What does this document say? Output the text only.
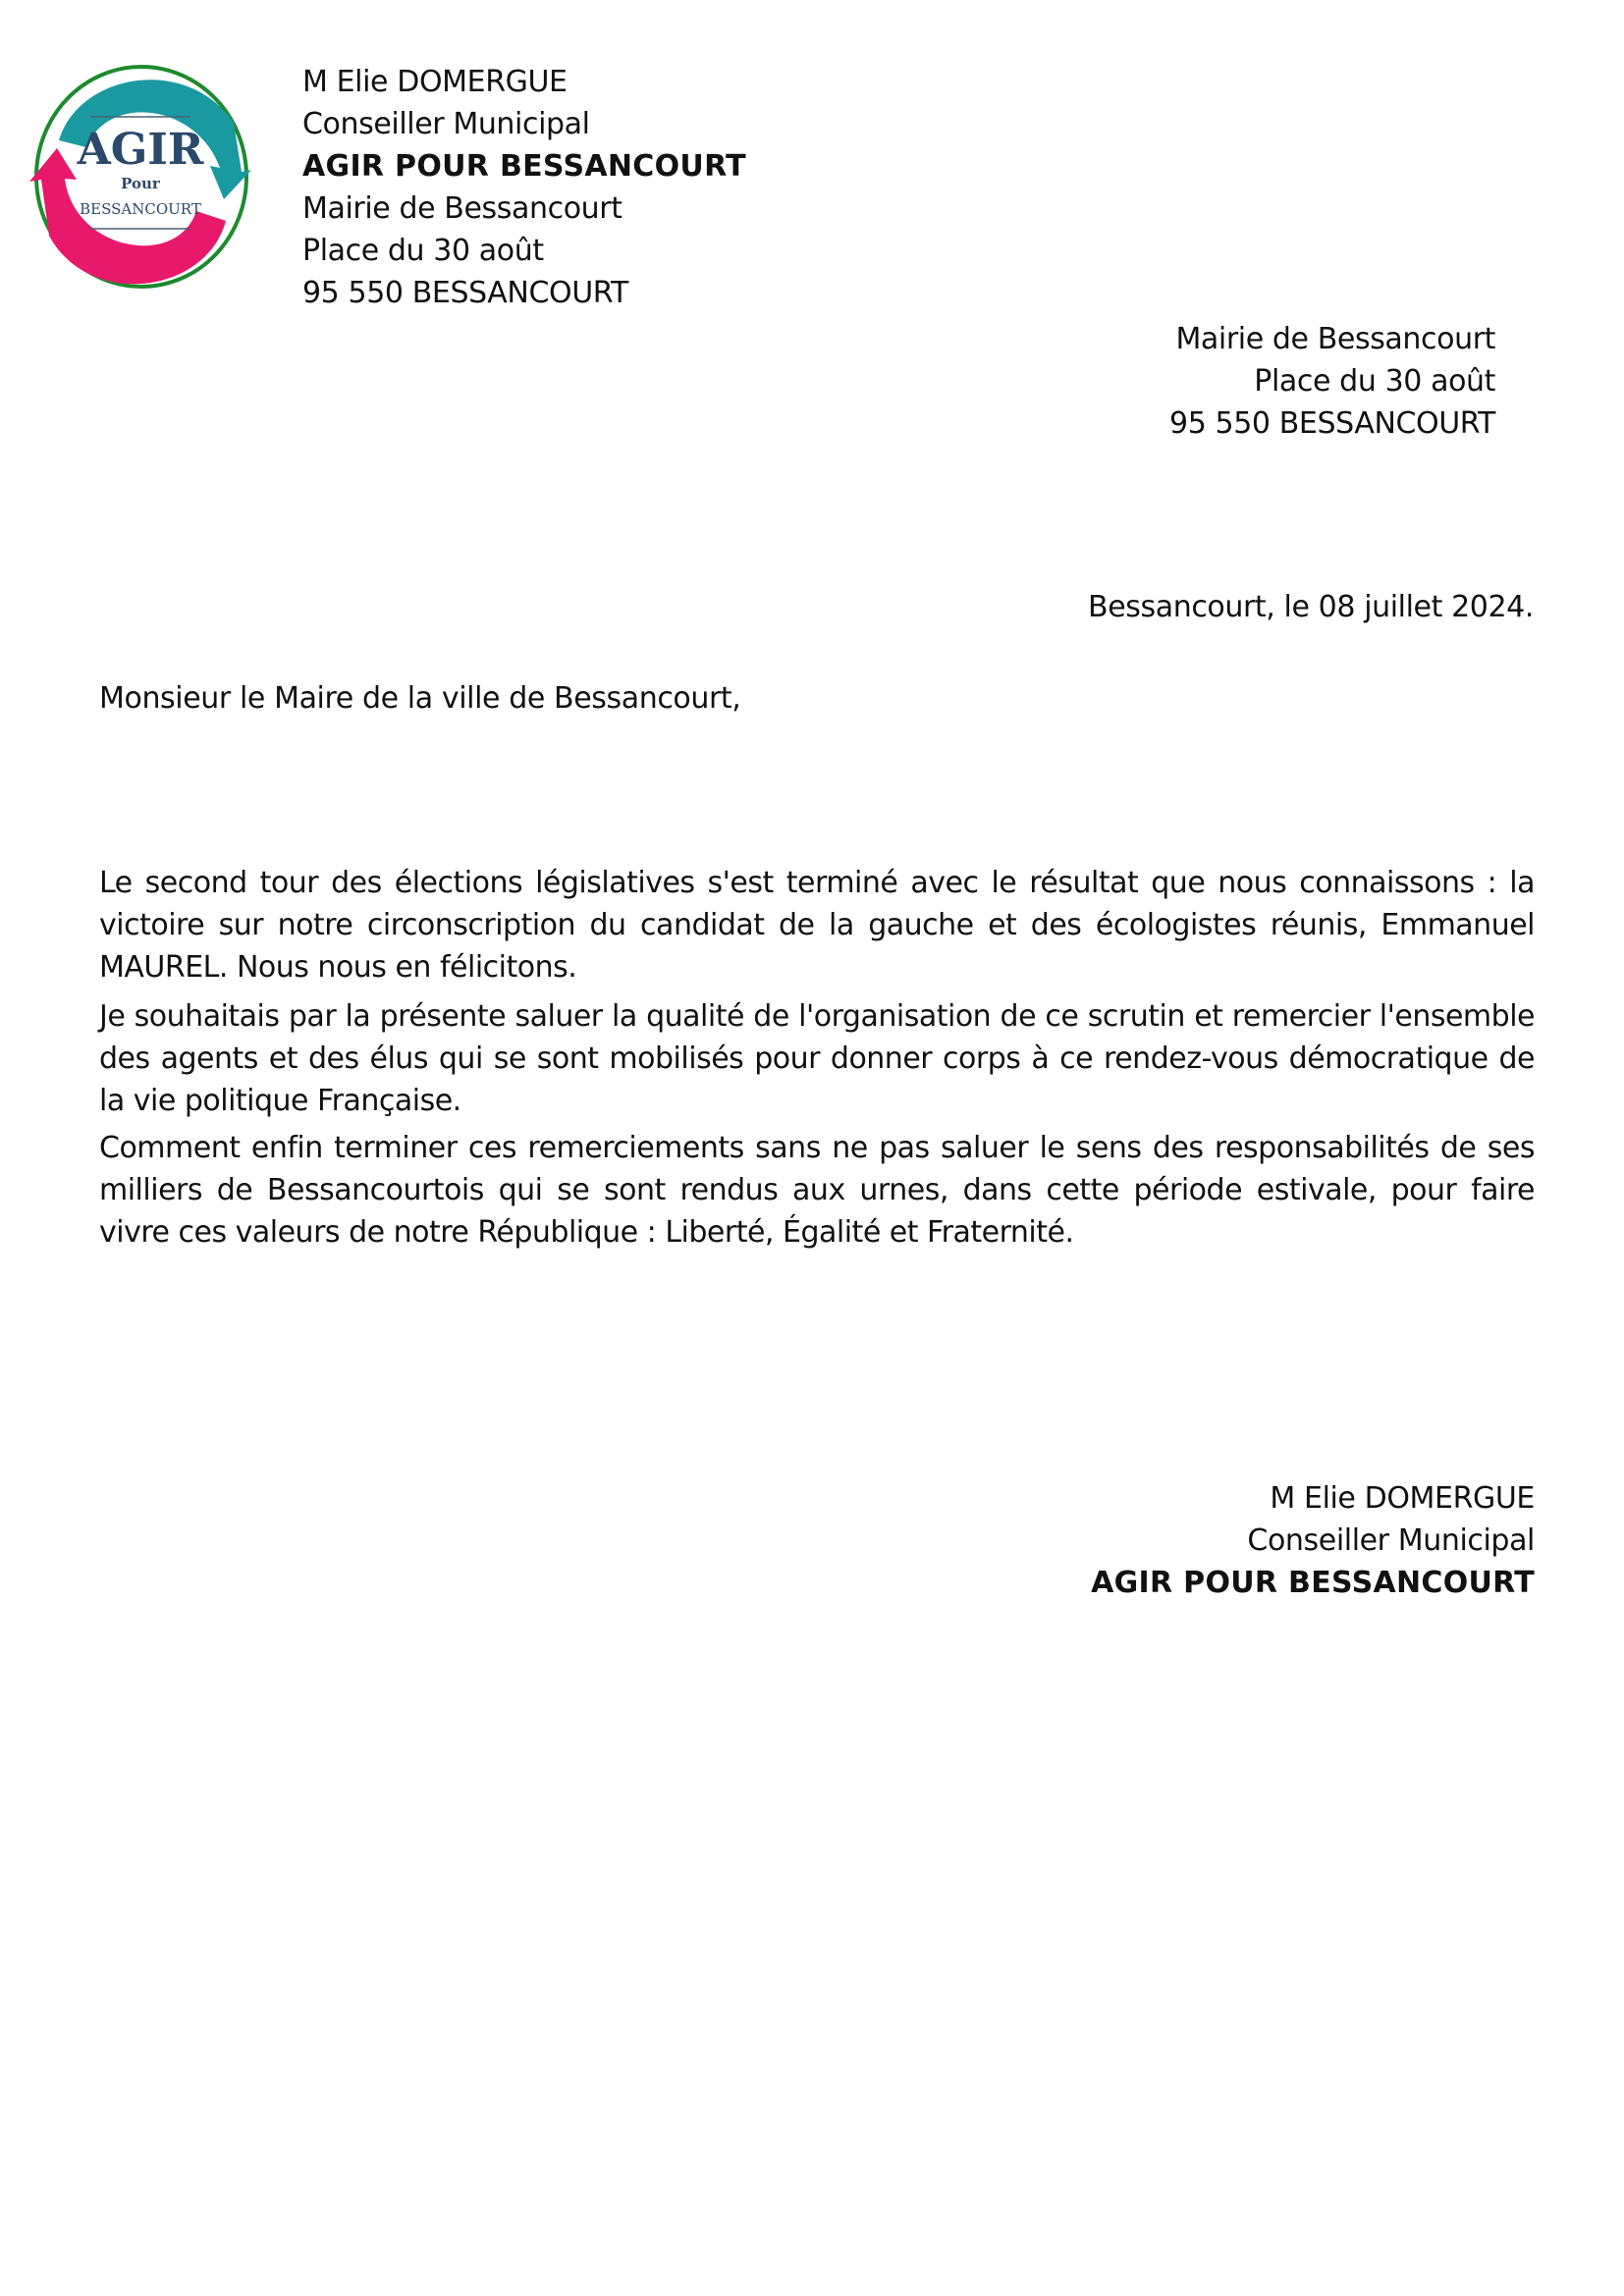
AGIR
Pour
BESSANCOURT
M Elie DOMERGUE
Conseiller Municipal
AGIR POUR BESSANCOURT
Mairie de Bessancourt
Place du 30 août
95 550 BESSANCOURT
Mairie de Bessancourt
Place du 30 août
95 550 BESSANCOURT
Bessancourt, le 08 juillet 2024.
Monsieur le Maire de la ville de Bessancourt,

Le second tour des élections législatives s'est terminé avec le résultat que nous connaissons : la victoire sur notre circonscription du candidat de la gauche et des écologistes réunis, Emmanuel MAUREL. Nous nous en félicitons.

Je souhaitais par la présente saluer la qualité de l'organisation de ce scrutin et remercier l'ensemble des agents et des élus qui se sont mobilisés pour donner corps à ce rendez-vous démocratique de la vie politique Française.

Comment enfin terminer ces remerciements sans ne pas saluer le sens des responsabilités de ses milliers de Bessancourtois qui se sont rendus aux urnes, dans cette période estivale, pour faire vivre ces valeurs de notre République : Liberté, Égalité et Fraternité.

M Elie DOMERGUE
Conseiller Municipal
AGIR POUR BESSANCOURT
